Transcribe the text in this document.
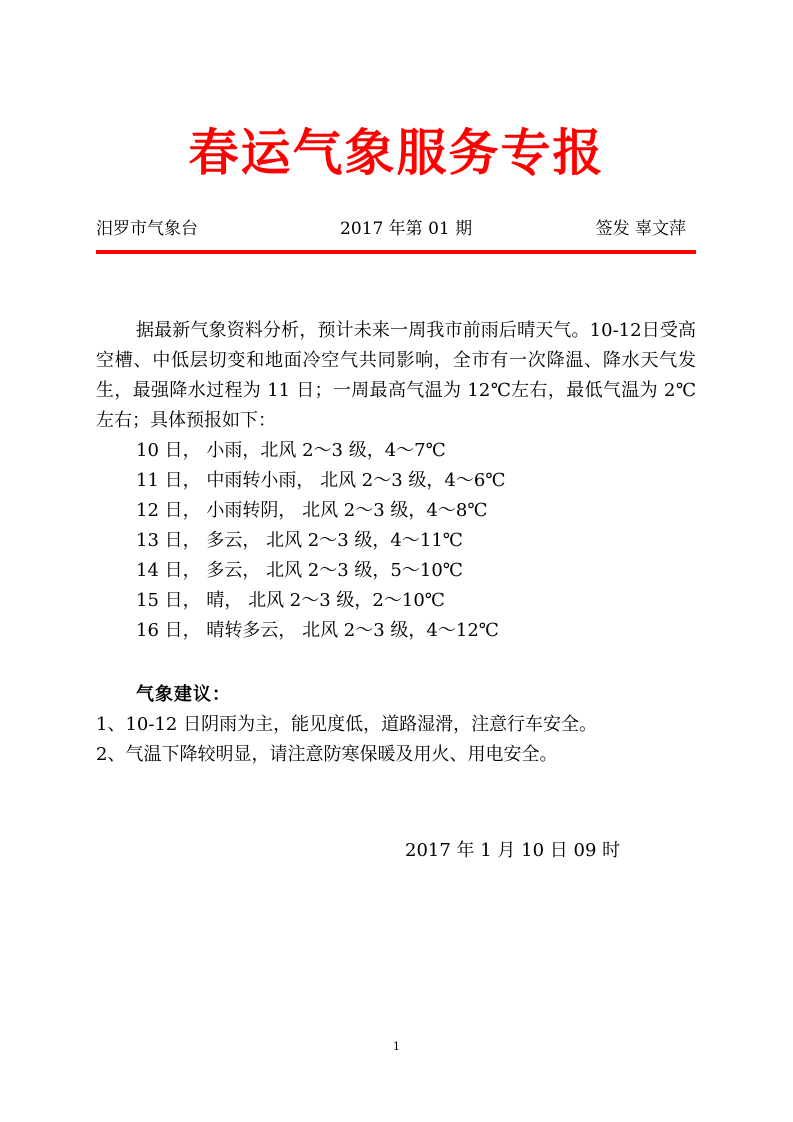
春运气象服务专报
汨罗市气象台	2017 年第 01 期	签发 辜文萍

据最新气象资料分析，预计未来一周我市前雨后晴天气。10-12日受高空槽、中低层切变和地面冷空气共同影响，全市有一次降温、降水天气发生，最强降水过程为 11 日；一周最高气温为 12℃左右，最低气温为 2℃左右；具体预报如下：

10 日， 小雨，北风 2～3 级，4～7℃
11 日， 中雨转小雨， 北风 2～3 级，4～6℃
12 日， 小雨转阴， 北风 2～3 级，4～8℃
13 日， 多云， 北风 2～3 级，4～11℃
14 日， 多云， 北风 2～3 级，5～10℃
15 日， 晴， 北风 2～3 级，2～10℃
16 日， 晴转多云， 北风 2～3 级，4～12℃
气象建议：
1、10-12 日阴雨为主，能见度低，道路湿滑，注意行车安全。
2、气温下降较明显，请注意防寒保暖及用火、用电安全。
2017 年 1 月 10 日 09 时
1
